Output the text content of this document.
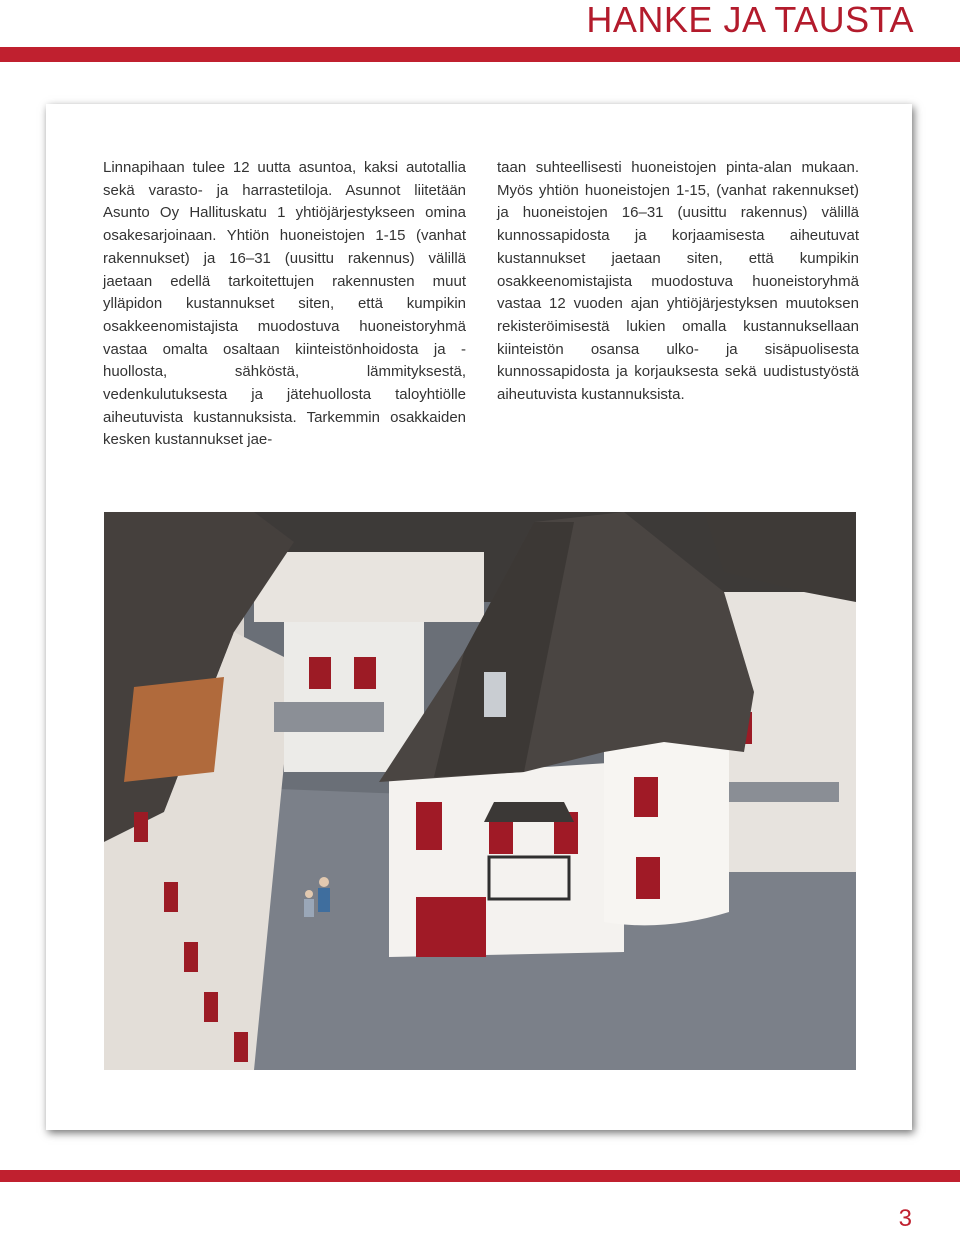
HANKE JA TAUSTA

Linnapihaan tulee 12 uutta asuntoa, kaksi autotallia sekä varasto- ja harrastetiloja. Asunnot liitetään Asunto Oy Hallituskatu 1 yhtiöjärjestykseen omina osakesarjoinaan. Yhtiön huoneistojen 1-15 (vanhat rakennukset) ja 16–31 (uusittu rakennus) välillä jaetaan edellä tarkoitettujen rakennusten muut ylläpidon kustannukset siten, että kumpikin osakkeenomistajista muodostuva huoneistoryhmä vastaa omalta osaltaan kiinteistönhoidosta ja -huollosta, sähköstä, lämmityksestä, vedenkulutuksesta ja jätehuollosta taloyhtiölle aiheutuvista kustannuksista. Tarkemmin osakkaiden kesken kustannukset jae-

taan suhteellisesti huoneistojen pinta-alan mukaan. Myös yhtiön huoneistojen 1-15, (vanhat rakennukset) ja huoneistojen 16–31 (uusittu rakennus) välillä kunnossapidosta ja korjaamisesta aiheutuvat kustannukset jaetaan siten, että kumpikin osakkeenomistajista muodostuva huoneistoryhmä vastaa 12 vuoden ajan yhtiöjärjestyksen muutoksen rekisteröimisestä lukien omalla kustannuksellaan kiinteistön osansa ulko- ja sisäpuolisesta kunnossapidosta ja korjauksesta sekä uudistustyöstä aiheutuvista kustannuksista.

3
